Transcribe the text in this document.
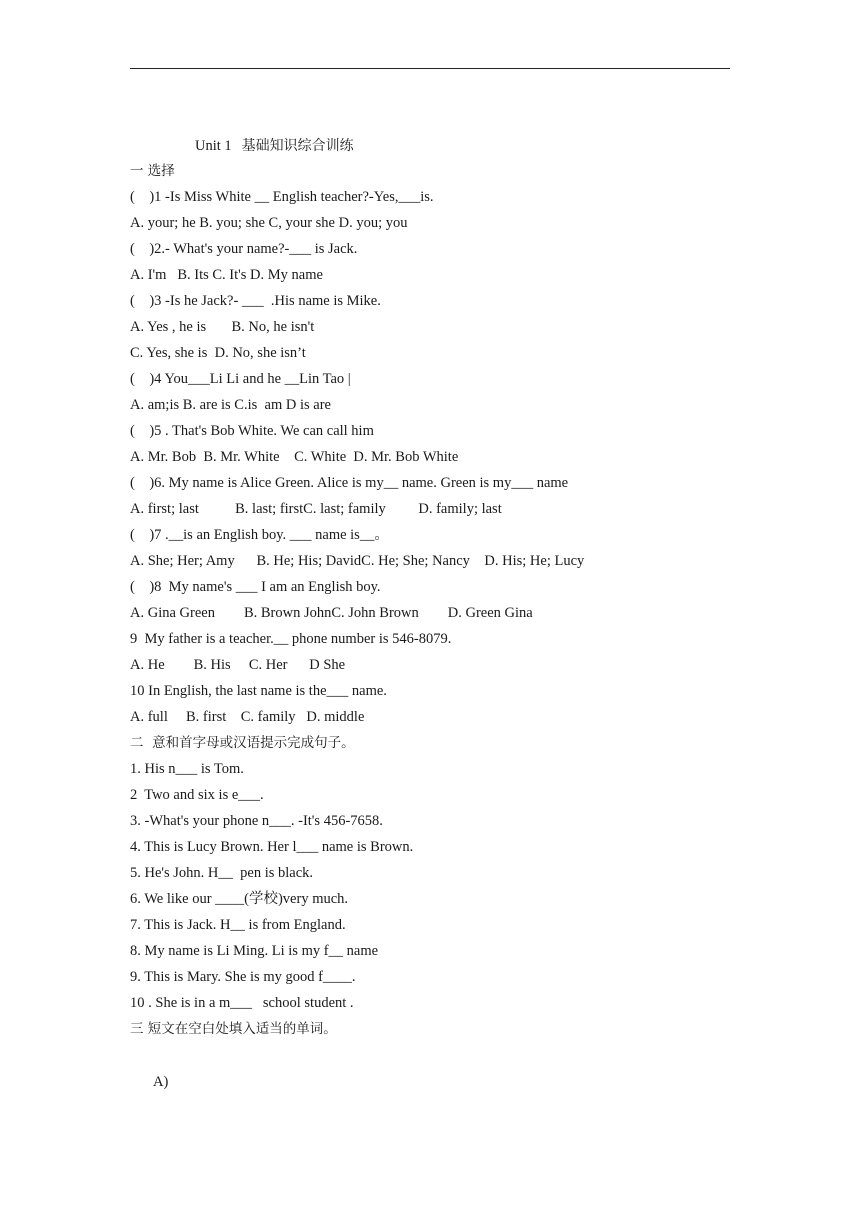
Unit 1 基础知识综合训练
一 选择
(    )1 -Is Miss White __ English teacher?-Yes,___is.
A. your; he B. you; she C, your she D. you; you
(    )2.- What's your name?-___ is Jack.
A. I'm   B. Its C. It's D. My name
(    )3 -Is he Jack?- ___  .His name is Mike.
A. Yes , he is       B. No, he isn't
C. Yes, she is  D. No, she isn’t
(    )4 You___Li Li and he __Lin Tao |
A. am;is B. are is C.is  am D is are
(    )5 . That's Bob White. We can call him
A. Mr. Bob  B. Mr. White    C. White  D. Mr. Bob White
(    )6. My name is Alice Green. Alice is my__ name. Green is my___ name
A. first; last          B. last; firstC. last; family         D. family; last
(    )7 .__is an English boy. ___ name is__。
A. She; Her; Amy      B. He; His; DavidC. He; She; Nancy    D. His; He; Lucy
(    )8  My name's ___ I am an English boy.
A. Gina Green        B. Brown JohnC. John Brown        D. Green Gina
9  My father is a teacher.__ phone number is 546-8079.
A. He        B. His     C. Her      D She
10 In English, the last name is the___ name.
A. full     B. first    C. family   D. middle
二  意和首字母或汉语提示完成句子。
1. His n___ is Tom.
2  Two and six is e___.
3. -What's your phone n___. -It's 456-7658.
4. This is Lucy Brown. Her l___ name is Brown.
5. He's John. H__  pen is black.
6. We like our ____(学校)very much.
7. This is Jack. H__ is from England.
8. My name is Li Ming. Li is my f__ name
9. This is Mary. She is my good f____.
10 . She is in a m___   school student .
三 短文在空白处填入适当的单词。
A)
